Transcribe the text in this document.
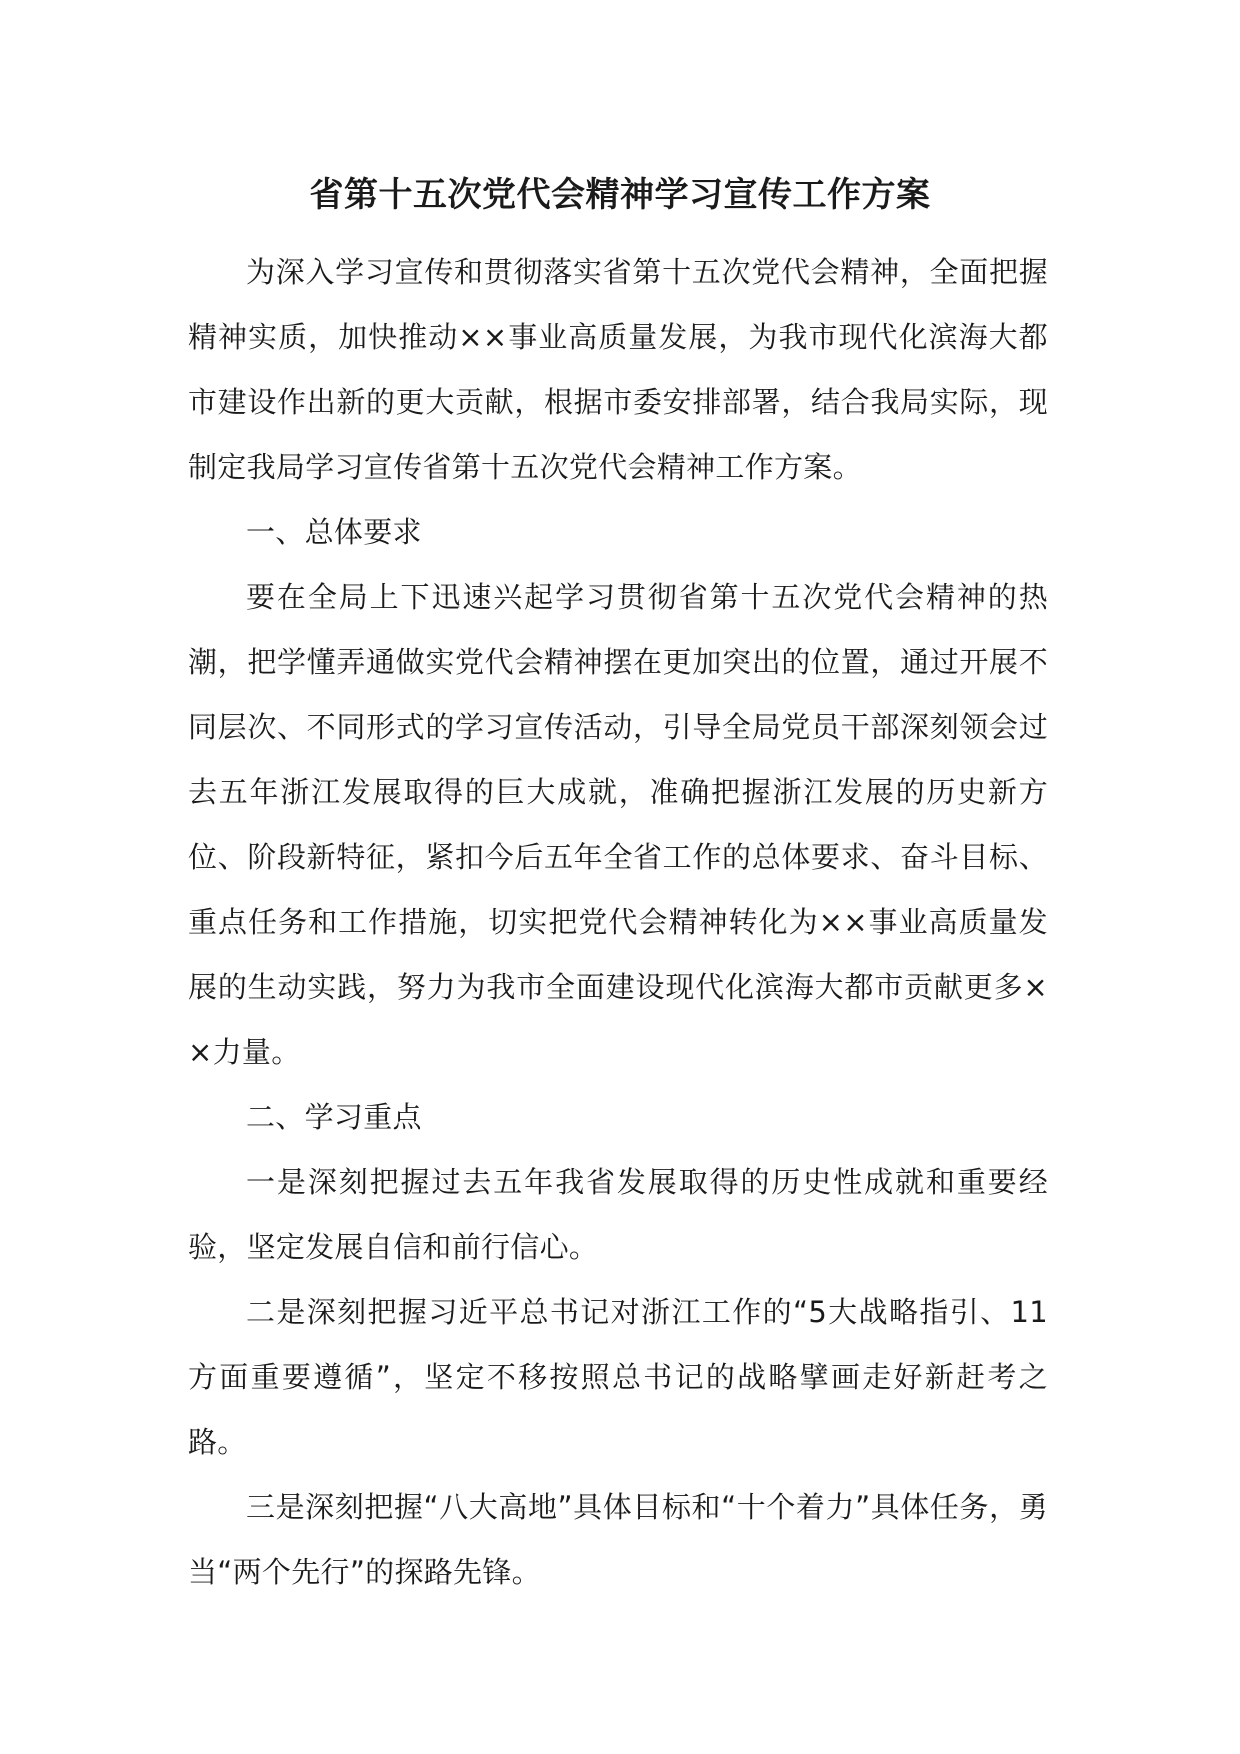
省第十五次党代会精神学习宣传工作方案

为深入学习宣传和贯彻落实省第十五次党代会精神，全面把握精神实质，加快推动××事业高质量发展，为我市现代化滨海大都市建设作出新的更大贡献，根据市委安排部署，结合我局实际，现制定我局学习宣传省第十五次党代会精神工作方案。

一、总体要求

要在全局上下迅速兴起学习贯彻省第十五次党代会精神的热潮，把学懂弄通做实党代会精神摆在更加突出的位置，通过开展不同层次、不同形式的学习宣传活动，引导全局党员干部深刻领会过去五年浙江发展取得的巨大成就，准确把握浙江发展的历史新方位、阶段新特征，紧扣今后五年全省工作的总体要求、奋斗目标、重点任务和工作措施，切实把党代会精神转化为××事业高质量发展的生动实践，努力为我市全面建设现代化滨海大都市贡献更多××力量。

二、学习重点

一是深刻把握过去五年我省发展取得的历史性成就和重要经验，坚定发展自信和前行信心。

二是深刻把握习近平总书记对浙江工作的“5大战略指引、11方面重要遵循”，坚定不移按照总书记的战略擘画走好新赶考之路。

三是深刻把握“八大高地”具体目标和“十个着力”具体任务，勇当“两个先行”的探路先锋。
